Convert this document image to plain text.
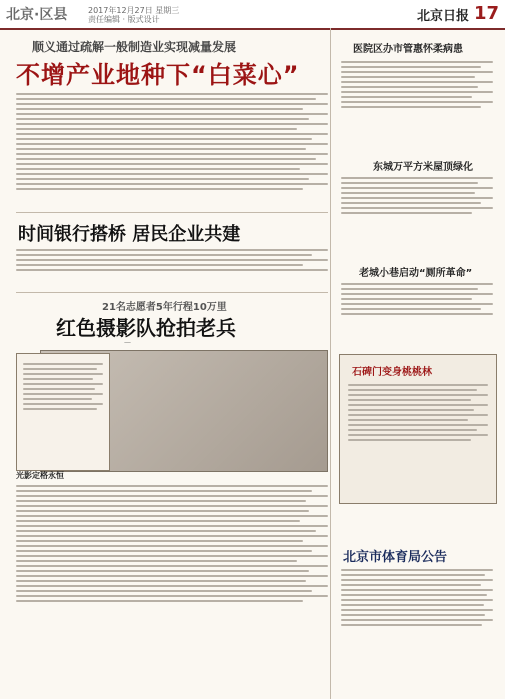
北京·区县	2017年12月27日 星期三
责任编辑 · 版式设计	北京日报 17
顺义通过疏解一般制造业实现减量发展
不增产业地种下“白菜心”
时间银行搭桥 居民企业共建
21名志愿者5年行程10万里
红色摄影队抢拍老兵
—
光影定格永恒
医院区办市管惠怀柔病患
东城万平方米屋顶绿化
老城小巷启动“厕所革命”
石碑门变身桃桃林
北京市体育局公告
